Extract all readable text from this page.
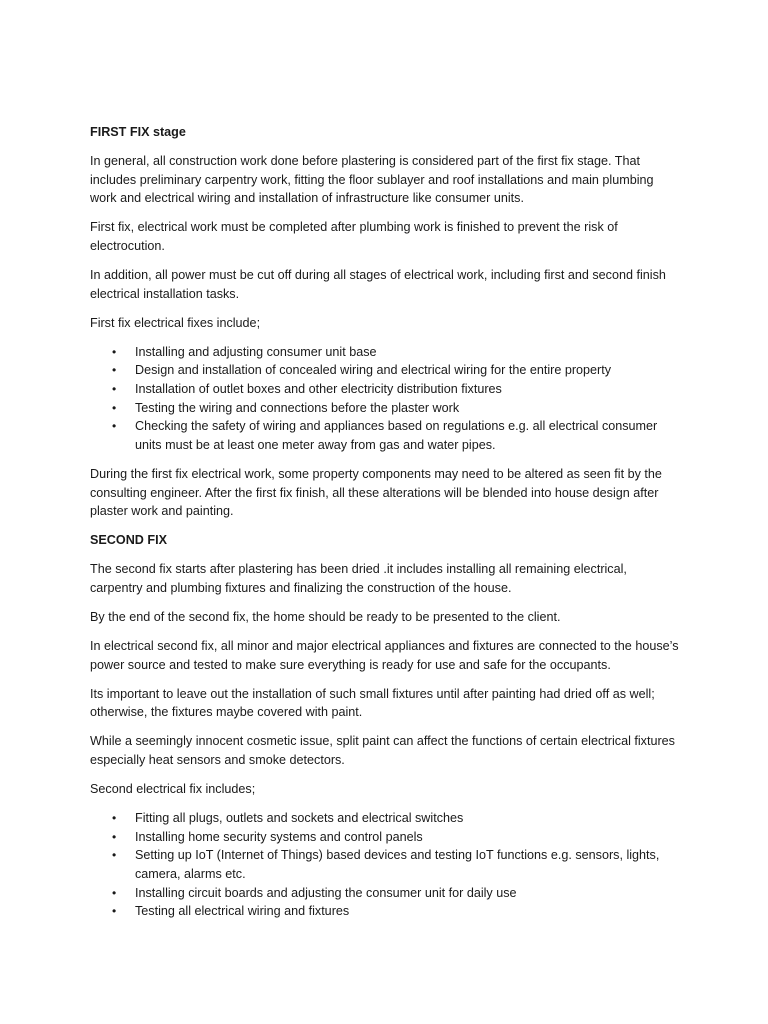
FIRST FIX stage

In general, all construction work done before plastering is considered part of the first fix stage. That includes preliminary carpentry work, fitting the floor sublayer and roof installations and main plumbing work and electrical wiring and installation of infrastructure like consumer units.

First fix, electrical work must be completed after plumbing work is finished to prevent the risk of electrocution.

In addition, all power must be cut off during all stages of electrical work, including first and second finish electrical installation tasks.

First fix electrical fixes include;

• Installing and adjusting consumer unit base
• Design and installation of concealed wiring and electrical wiring for the entire property
• Installation of outlet boxes and other electricity distribution fixtures
• Testing the wiring and connections before the plaster work
• Checking the safety of wiring and appliances based on regulations e.g. all electrical consumer units must be at least one meter away from gas and water pipes.

During the first fix electrical work, some property components may need to be altered as seen fit by the consulting engineer. After the first fix finish, all these alterations will be blended into house design after plaster work and painting.

SECOND FIX

The second fix starts after plastering has been dried .it includes installing all remaining electrical, carpentry and plumbing fixtures and finalizing the construction of the house.

By the end of the second fix, the home should be ready to be presented to the client.

In electrical second fix, all minor and major electrical appliances and fixtures are connected to the house’s power source and tested to make sure everything is ready for use and safe for the occupants.

Its important to leave out the installation of such small fixtures until after painting had dried off as well; otherwise, the fixtures maybe covered with paint.

While a seemingly innocent cosmetic issue, split paint can affect the functions of certain electrical fixtures especially heat sensors and smoke detectors.

Second electrical fix includes;

• Fitting all plugs, outlets and sockets and electrical switches
• Installing home security systems and control panels
• Setting up IoT (Internet of Things) based devices and testing IoT functions e.g. sensors, lights, camera, alarms etc.
• Installing circuit boards and adjusting the consumer unit for daily use
• Testing all electrical wiring and fixtures
